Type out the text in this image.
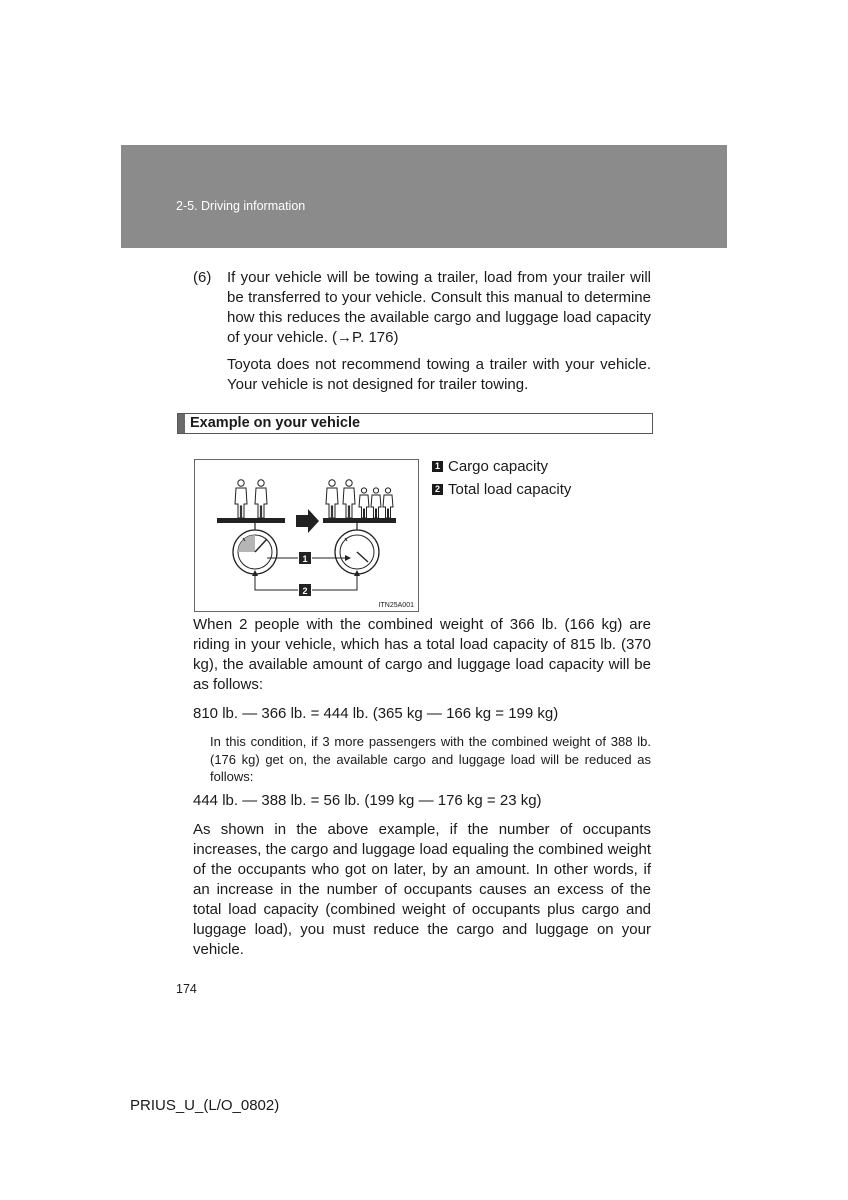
2-5. Driving information
(6) If your vehicle will be towing a trailer, load from your trailer will be transferred to your vehicle. Consult this manual to determine how this reduces the available cargo and luggage load capacity of your vehicle. (→P. 176)
Toyota does not recommend towing a trailer with your vehicle. Your vehicle is not designed for trailer towing.
Example on your vehicle
1
2
ITN25A001
1 Cargo capacity
2 Total load capacity
When 2 people with the combined weight of 366 lb. (166 kg) are riding in your vehicle, which has a total load capacity of 815 lb. (370 kg), the available amount of cargo and luggage load capacity will be as follows:
810 lb. — 366 lb. = 444 lb. (365 kg — 166 kg = 199 kg)
In this condition, if 3 more passengers with the combined weight of 388 lb. (176 kg) get on, the available cargo and luggage load will be reduced as follows:
444 lb. — 388 lb. = 56 lb. (199 kg — 176 kg = 23 kg)
As shown in the above example, if the number of occupants increases, the cargo and luggage load equaling the combined weight of the occupants who got on later, by an amount. In other words, if an increase in the number of occupants causes an excess of the total load capacity (combined weight of occupants plus cargo and luggage load), you must reduce the cargo and luggage on your vehicle.
174
PRIUS_U_(L/O_0802)
